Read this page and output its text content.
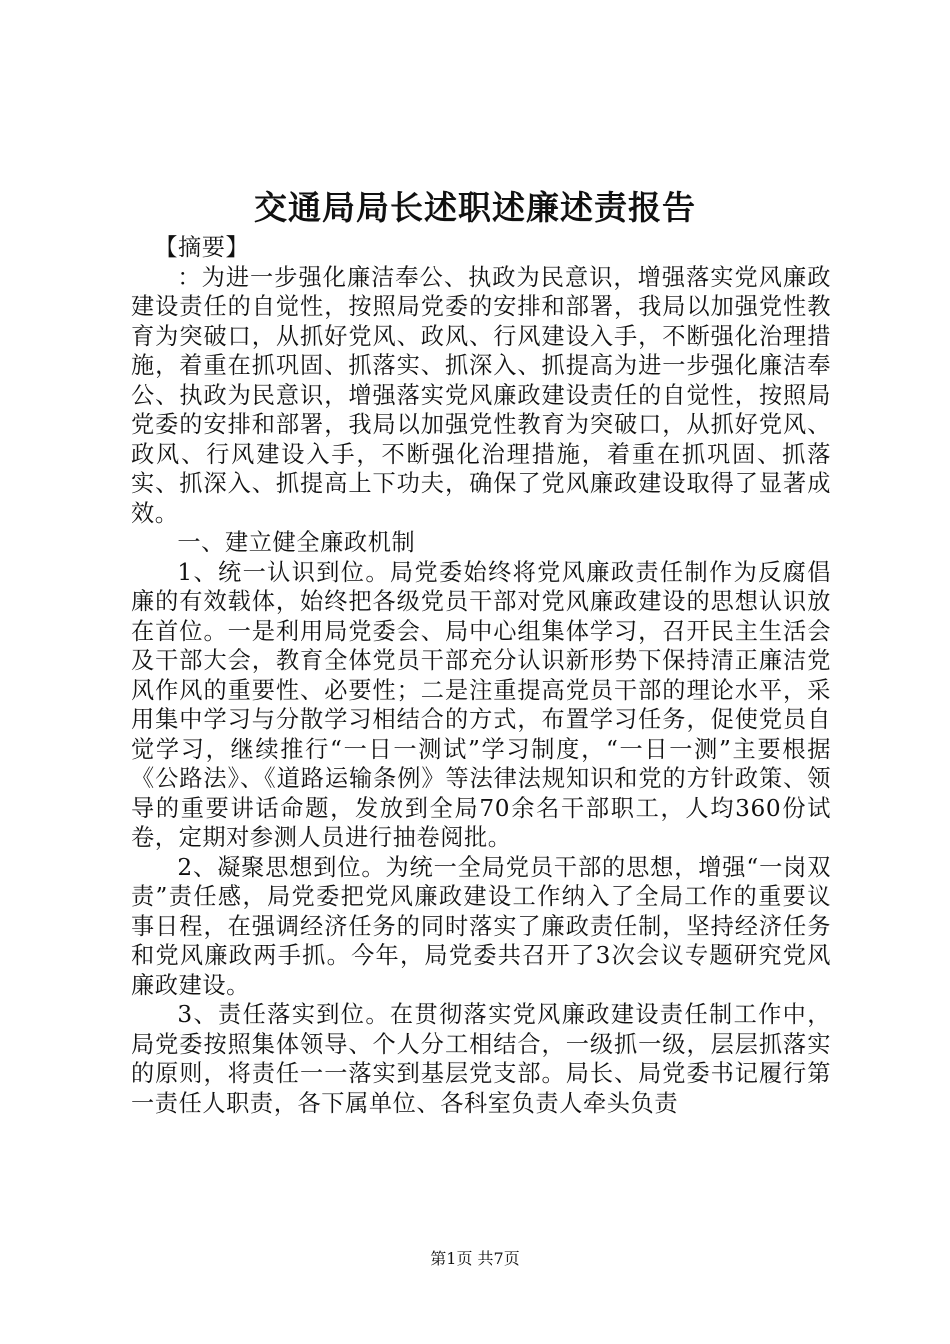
交通局局长述职述廉述责报告

【摘要】

：为进一步强化廉洁奉公、执政为民意识，增强落实党风廉政建设责任的自觉性，按照局党委的安排和部署，我局以加强党性教育为突破口，从抓好党风、政风、行风建设入手，不断强化治理措施，着重在抓巩固、抓落实、抓深入、抓提高为进一步强化廉洁奉公、执政为民意识，增强落实党风廉政建设责任的自觉性，按照局党委的安排和部署，我局以加强党性教育为突破口，从抓好党风、政风、行风建设入手，不断强化治理措施，着重在抓巩固、抓落实、抓深入、抓提高上下功夫，确保了党风廉政建设取得了显著成效。

一、建立健全廉政机制

1、统一认识到位。局党委始终将党风廉政责任制作为反腐倡廉的有效载体，始终把各级党员干部对党风廉政建设的思想认识放在首位。一是利用局党委会、局中心组集体学习，召开民主生活会及干部大会，教育全体党员干部充分认识新形势下保持清正廉洁党风作风的重要性、必要性；二是注重提高党员干部的理论水平，采用集中学习与分散学习相结合的方式，布置学习任务，促使党员自觉学习，继续推行“一日一测试”学习制度，“一日一测”主要根据《公路法》、《道路运输条例》等法律法规知识和党的方针政策、领导的重要讲话命题，发放到全局70余名干部职工，人均360份试卷，定期对参测人员进行抽卷阅批。

2、凝聚思想到位。为统一全局党员干部的思想，增强“一岗双责”责任感，局党委把党风廉政建设工作纳入了全局工作的重要议事日程，在强调经济任务的同时落实了廉政责任制，坚持经济任务和党风廉政两手抓。今年，局党委共召开了3次会议专题研究党风廉政建设。

3、责任落实到位。在贯彻落实党风廉政建设责任制工作中，局党委按照集体领导、个人分工相结合，一级抓一级，层层抓落实的原则，将责任一一落实到基层党支部。局长、局党委书记履行第一责任人职责，各下属单位、各科室负责人牵头负责

第1页 共7页
